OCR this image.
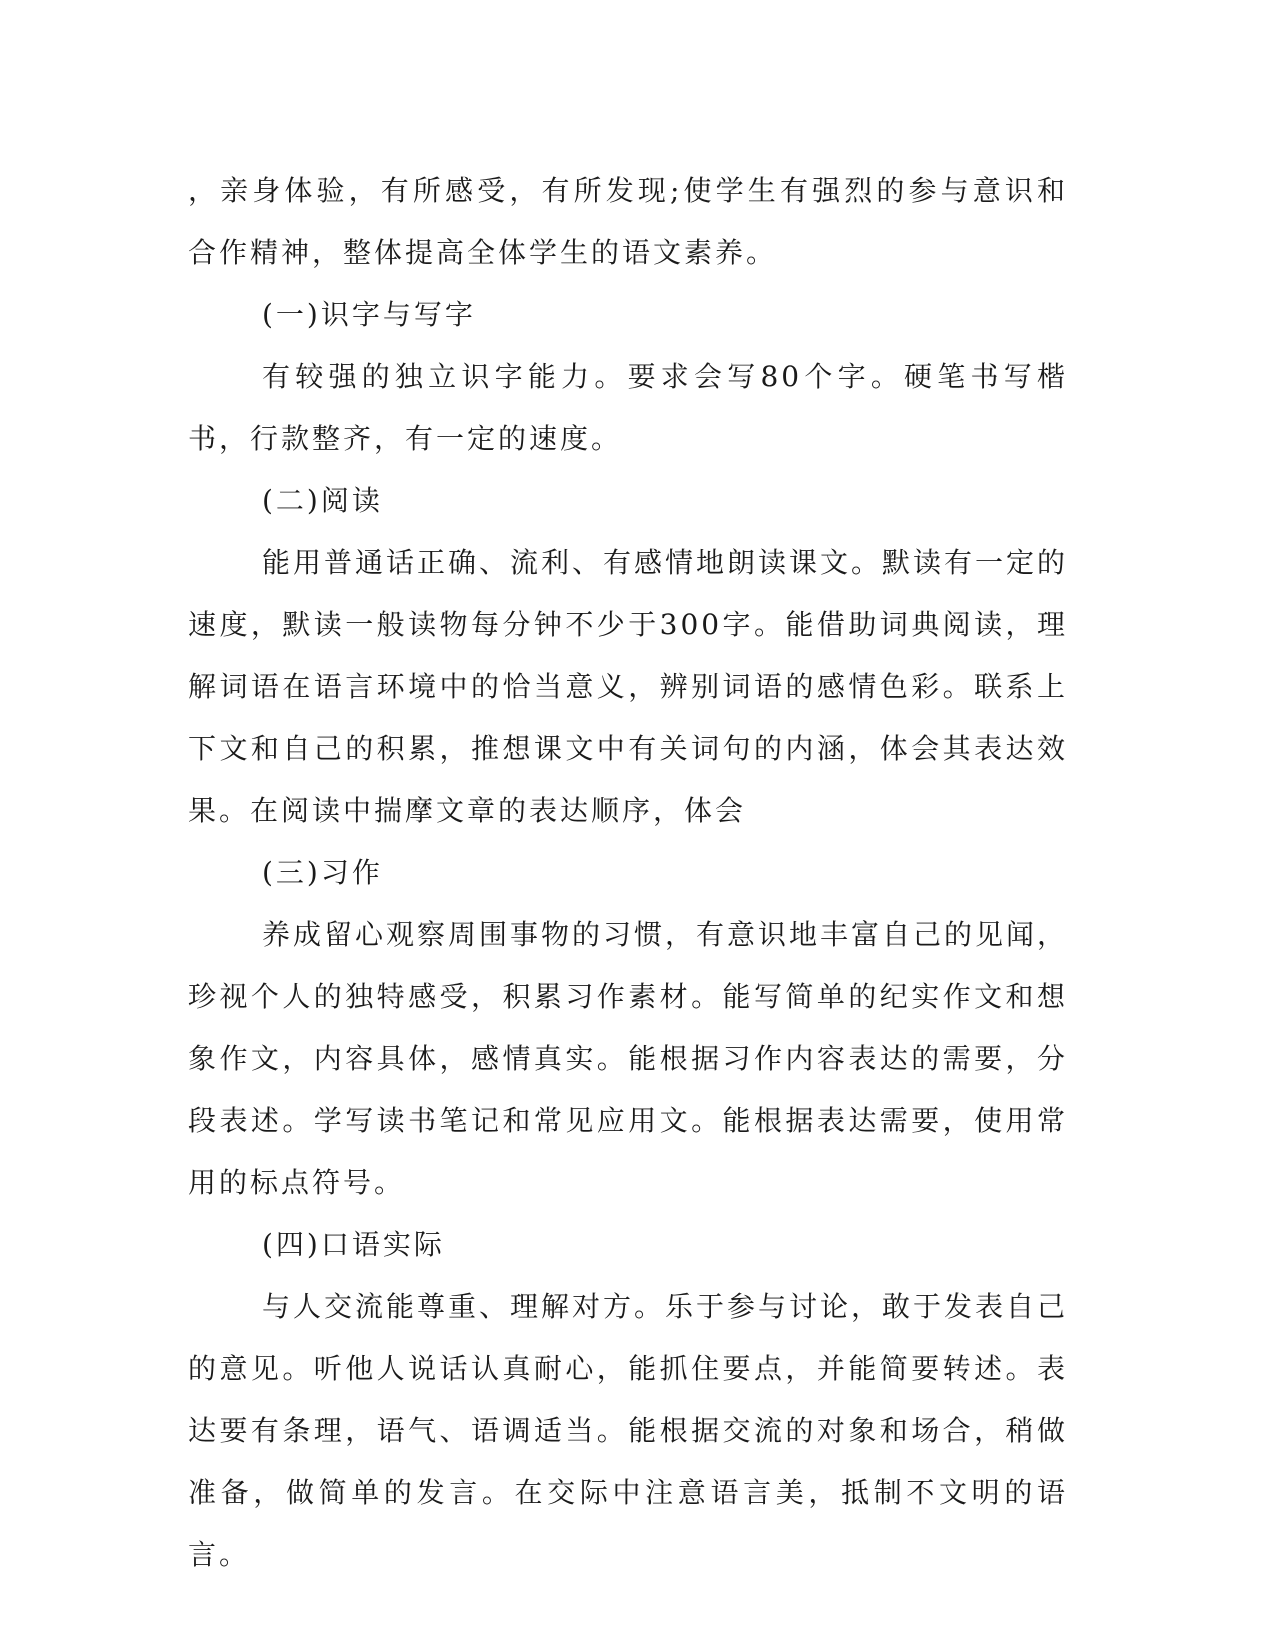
，亲身体验，有所感受，有所发现;使学生有强烈的参与意识和合作精神，整体提高全体学生的语文素养。

(一)识字与写字

有较强的独立识字能力。要求会写80个字。硬笔书写楷书，行款整齐，有一定的速度。

(二)阅读

能用普通话正确、流利、有感情地朗读课文。默读有一定的速度，默读一般读物每分钟不少于300字。能借助词典阅读，理解词语在语言环境中的恰当意义，辨别词语的感情色彩。联系上下文和自己的积累，推想课文中有关词句的内涵，体会其表达效果。在阅读中揣摩文章的表达顺序，体会

(三)习作

养成留心观察周围事物的习惯，有意识地丰富自己的见闻，珍视个人的独特感受，积累习作素材。能写简单的纪实作文和想象作文，内容具体，感情真实。能根据习作内容表达的需要，分段表述。学写读书笔记和常见应用文。能根据表达需要，使用常用的标点符号。

(四)口语实际

与人交流能尊重、理解对方。乐于参与讨论，敢于发表自己的意见。听他人说话认真耐心，能抓住要点，并能简要转述。表达要有条理，语气、语调适当。能根据交流的对象和场合，稍做准备，做简单的发言。在交际中注意语言美，抵制不文明的语言。
